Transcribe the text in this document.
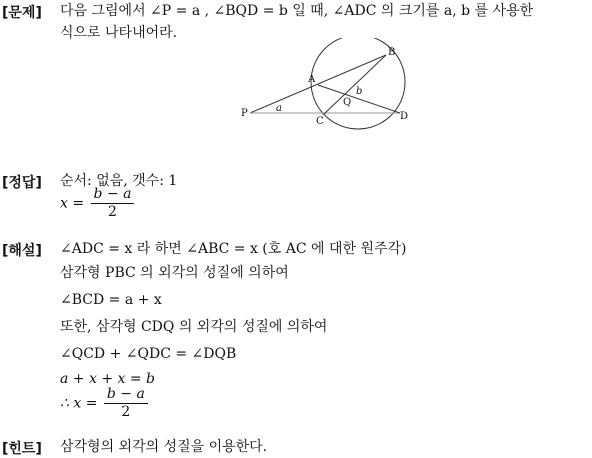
[문제] 다음 그림에서 ∠P = a , ∠BQD = b 일 때, ∠ADC 의 크기를 a, b 를 사용한
식으로 나타내어라.
P
A
B
C	D
Q
a
b
[정답] 순서: 없음, 갯수: 1
$x = \frac{b - a}{2}$
[해설] ∠ADC = x 라 하면 ∠ABC = x (호 AC 에 대한 원주각)
삼각형 PBC 의 외각의 성질에 의하여
∠BCD = a + x
또한, 삼각형 CDQ 의 외각의 성질에 의하여
∠QCD + ∠QDC = ∠DQB
a + x + x = b
∴ $x = \frac{b - a}{2}$
[힌트] 삼각형의 외각의 성질을 이용한다.
